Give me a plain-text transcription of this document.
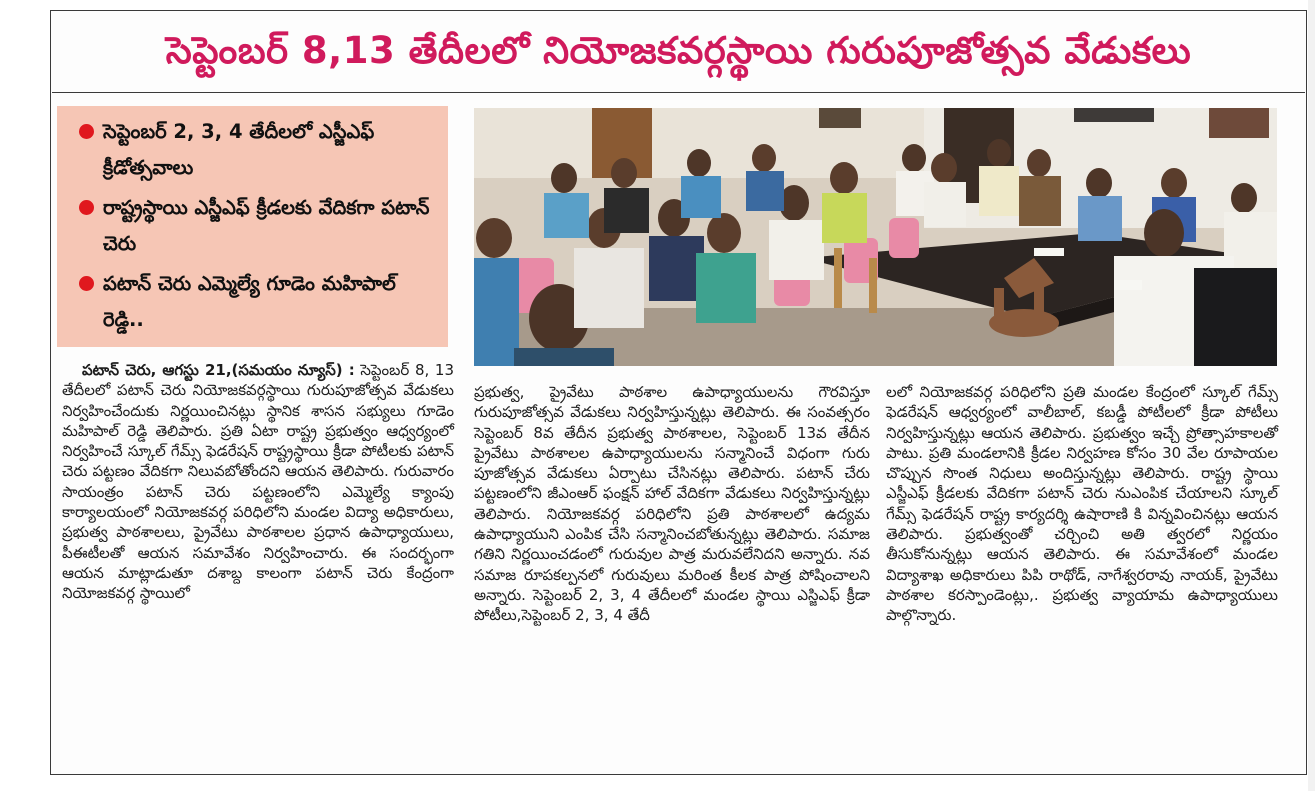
సెప్టెంబర్ 8,13 తేదీలలో నియోజకవర్గస్థాయి గురుపూజోత్సవ వేడుకలు
సెప్టెంబర్ 2, 3, 4 తేదీలలో ఎస్జీఎఫ్ క్రీడోత్సవాలు
రాష్ట్రస్థాయి ఎస్జీఎఫ్ క్రీడలకు వేదికగా పటాన్ చెరు
పటాన్ చెరు ఎమ్మెల్యే గూడెం మహిపాల్ రెడ్డి..
పటాన్ చెరు, ఆగస్టు 21,(సమయం న్యూస్) : సెప్టెంబర్ 8, 13 తేదీలలో పటాన్ చెరు నియోజకవర్గస్థాయి గురుపూజోత్సవ వేడుకలు నిర్వహించేందుకు నిర్ణయించినట్లు స్థానిక శాసన సభ్యులు గూడెం మహిపాల్ రెడ్డి తెలిపారు. ప్రతి ఏటా రాష్ట్ర ప్రభుత్వం ఆధ్వర్యంలో నిర్వహించే స్కూల్ గేమ్స్ ఫెడరేషన్ రాష్ట్రస్థాయి క్రీడా పోటీలకు పటాన్ చెరు పట్టణం వేదికగా నిలువబోతోందని ఆయన తెలిపారు. గురువారం సాయంత్రం పటాన్ చెరు పట్టణంలోని ఎమ్మెల్యే క్యాంపు కార్యాలయంలో నియోజకవర్గ పరిధిలోని మండల విద్యా అధికారులు, ప్రభుత్వ పాఠశాలలు, ప్రైవేటు పాఠశాలల ప్రధాన ఉపాధ్యాయులు, పీఈటీలతో ఆయన సమావేశం నిర్వహించారు. ఈ సందర్భంగా ఆయన మాట్లాడుతూ దశాబ్ద కాలంగా పటాన్ చెరు కేంద్రంగా నియోజకవర్గ స్థాయిలో
ప్రభుత్వ, ప్రైవేటు పాఠశాల ఉపాధ్యాయులను గౌరవిస్తూ గురుపూజోత్సవ వేడుకలు నిర్వహిస్తున్నట్లు తెలిపారు. ఈ సంవత్సరం సెప్టెంబర్ 8వ తేదీన ప్రభుత్వ పాఠశాలల, సెప్టెంబర్ 13వ తేదీన ప్రైవేటు పాఠశాలల ఉపాధ్యాయులను సన్మానించే విధంగా గురు పూజోత్సవ వేడుకలు ఏర్పాటు చేసినట్లు తెలిపారు. పటాన్ చేరు పట్టణంలోని జీఎంఆర్ ఫంక్షన్ హాల్ వేదికగా వేడుకలు నిర్వహిస్తున్నట్లు తెలిపారు. నియోజకవర్గ పరిధిలోని ప్రతి పాఠశాలలో ఉద్యమ ఉపాధ్యాయుని ఎంపిక చేసి సన్మానించబోతున్నట్లు తెలిపారు. సమాజ గతిని నిర్ణయించడంలో గురువుల పాత్ర మరువలేనిదని అన్నారు. నవ సమాజ రూపకల్పనలో గురువులు మరింత కీలక పాత్ర పోషించాలని అన్నారు. సెప్టెంబర్ 2, 3, 4 తేదీలలో మండల స్థాయి ఎస్జిఎఫ్ క్రీడా పోటీలు,సెప్టెంబర్ 2, 3, 4 తేదీ
లలో నియోజకవర్గ పరిధిలోని ప్రతి మండల కేంద్రంలో స్కూల్ గేమ్స్ ఫెడరేషన్ ఆధ్వర్యంలో వాలీబాల్, కబడ్డీ పోటీలలో క్రీడా పోటీలు నిర్వహిస్తున్నట్లు ఆయన తెలిపారు. ప్రభుత్వం ఇచ్చే ప్రోత్సాహకాలతో పాటు. ప్రతి మండలానికి క్రీడల నిర్వహణ కోసం 30 వేల రూపాయల చొప్పున సొంత నిధులు అందిస్తున్నట్లు తెలిపారు. రాష్ట్ర స్థాయి ఎస్జీఎఫ్ క్రీడలకు వేదికగా పటాన్ చెరు నుఎంపిక చేయాలని స్కూల్ గేమ్స్ ఫెడరేషన్ రాష్ట్ర కార్యదర్శి ఉషారాణి కి విన్నవించినట్లు ఆయన తెలిపారు. ప్రభుత్వంతో చర్చించి అతి త్వరలో నిర్ణయం తీసుకోనున్నట్లు ఆయన తెలిపారు. ఈ సమావేశంలో మండల విద్యాశాఖ అధికారులు పిపి రాథోడ్, నాగేశ్వరరావు నాయక్, ప్రైవేటు పాఠశాల కరస్పాండెంట్లు,. ప్రభుత్వ వ్యాయామ ఉపాధ్యాయులు పాల్గొన్నారు.
